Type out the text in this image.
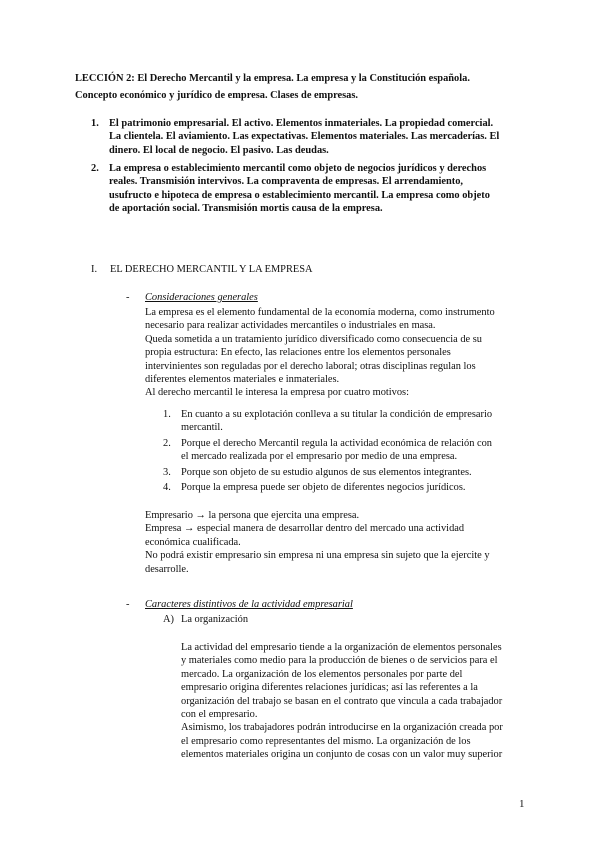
LECCIÓN 2: El Derecho Mercantil y la empresa. La empresa y la Constitución española.

Concepto económico y jurídico de empresa. Clases de empresas.

1. El patrimonio empresarial. El activo. Elementos inmateriales. La propiedad comercial.

La clientela. El aviamiento. Las expectativas. Elementos materiales. Las mercaderías. El

dinero. El local de negocio. El pasivo. Las deudas.

2. La empresa o establecimiento mercantil como objeto de negocios jurídicos y derechos

reales. Transmisión intervivos. La compraventa de empresas. El arrendamiento,

usufructo e hipoteca de empresa o establecimiento mercantil. La empresa como objeto

de aportación social. Transmisión mortis causa de la empresa.

I. EL DERECHO MERCANTIL Y LA EMPRESA

- Consideraciones generales

La empresa es el elemento fundamental de la economía moderna, como instrumento

necesario para realizar actividades mercantiles o industriales en masa.

Queda sometida a un tratamiento jurídico diversificado como consecuencia de su

propia estructura: En efecto, las relaciones entre los elementos personales

intervinientes son reguladas por el derecho laboral; otras disciplinas regulan los

diferentes elementos materiales e inmateriales.

Al derecho mercantil le interesa la empresa por cuatro motivos:

1. En cuanto a su explotación conlleva a su titular la condición de empresario

mercantil.

2. Porque el derecho Mercantil regula la actividad económica de relación con

el mercado realizada por el empresario por medio de una empresa.

3. Porque son objeto de su estudio algunos de sus elementos integrantes.

4. Porque la empresa puede ser objeto de diferentes negocios jurídicos.

Empresario → la persona que ejercita una empresa.

Empresa → especial manera de desarrollar dentro del mercado una actividad

económica cualificada.

No podrá existir empresario sin empresa ni una empresa sin sujeto que la ejercite y

desarrolle.

- Caracteres distintivos de la actividad empresarial

A) La organización

La actividad del empresario tiende a la organización de elementos personales

y materiales como medio para la producción de bienes o de servicios para el

mercado. La organización de los elementos personales por parte del

empresario origina diferentes relaciones jurídicas; así las referentes a la

organización del trabajo se basan en el contrato que vincula a cada trabajador

con el empresario.

Asimismo, los trabajadores podrán introducirse en la organización creada por

el empresario como representantes del mismo. La organización de los

elementos materiales origina un conjunto de cosas con un valor muy superior

1
